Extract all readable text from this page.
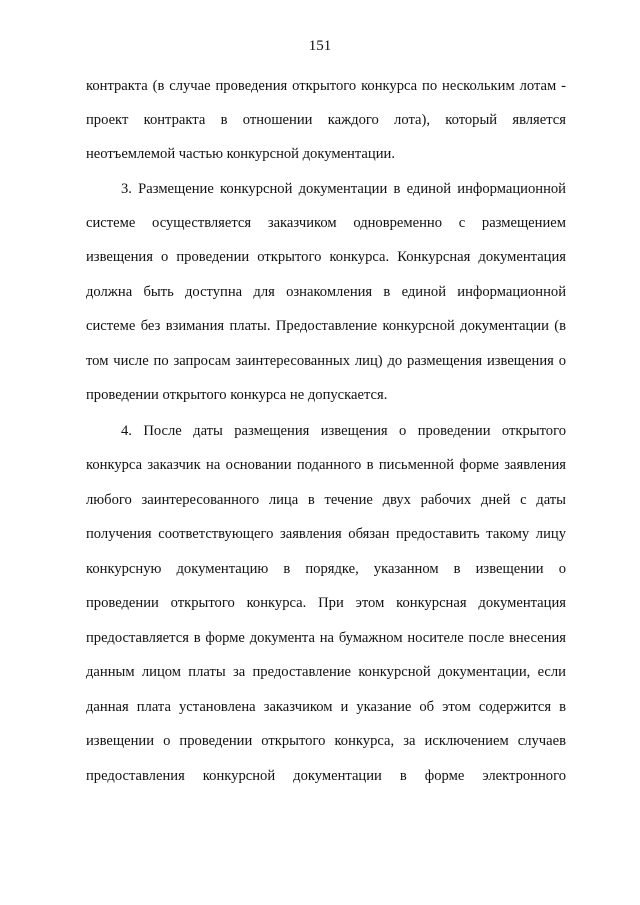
151
контракта (в случае проведения открытого конкурса по нескольким лотам -
проект контракта в отношении каждого лота), который является
неотъемлемой частью конкурсной документации.
3. Размещение конкурсной документации в единой информационной
системе осуществляется заказчиком одновременно с размещением
извещения о проведении открытого конкурса. Конкурсная документация
должна быть доступна для ознакомления в единой информационной
системе без взимания платы. Предоставление конкурсной документации (в
том числе по запросам заинтересованных лиц) до размещения извещения о
проведении открытого конкурса не допускается.
4. После даты размещения извещения о проведении открытого
конкурса заказчик на основании поданного в письменной форме заявления
любого заинтересованного лица в течение двух рабочих дней с даты
получения соответствующего заявления обязан предоставить такому лицу
конкурсную документацию в порядке, указанном в извещении о
проведении открытого конкурса. При этом конкурсная документация
предоставляется в форме документа на бумажном носителе после внесения
данным лицом платы за предоставление конкурсной документации, если
данная плата установлена заказчиком и указание об этом содержится в
извещении о проведении открытого конкурса, за исключением случаев
предоставления конкурсной документации в форме электронного
